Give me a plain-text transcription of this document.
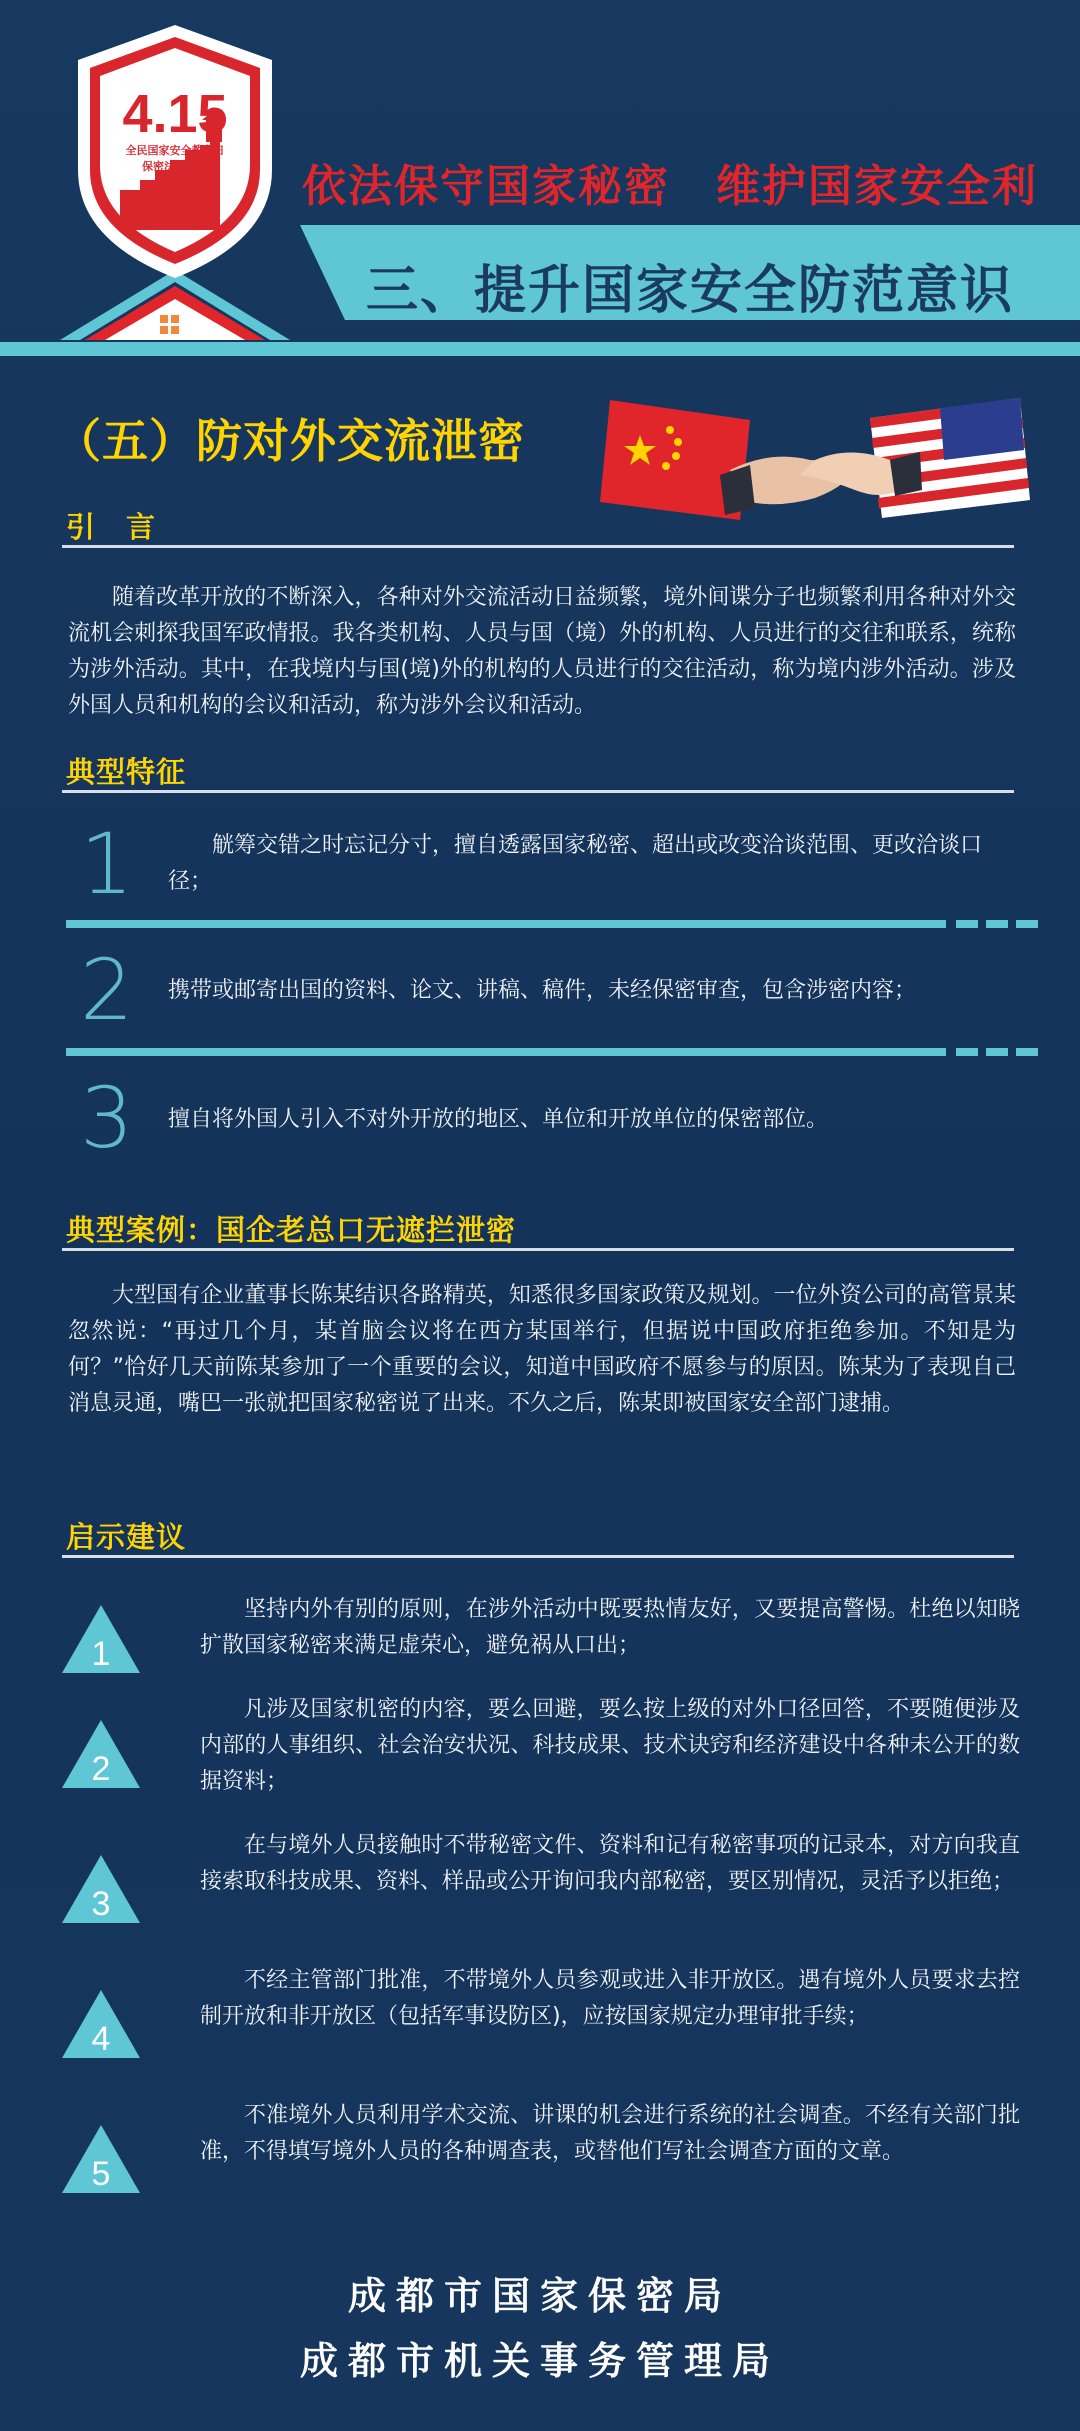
4.15
全民国家安全教育日
保密法治宣传 依法保守国家秘密　维护国家安全利
三、提升国家安全防范意识
（五）防对外交流泄密
引　言
随着改革开放的不断深入，各种对外交流活动日益频繁，境外间谍分子也频繁利用各种对外交流机会刺探我国军政情报。我各类机构、人员与国（境）外的机构、人员进行的交往和联系，统称为涉外活动。其中，在我境内与国(境)外的机构的人员进行的交往活动，称为境内涉外活动。涉及外国人员和机构的会议和活动，称为涉外会议和活动。
典型特征
1	觥筹交错之时忘记分寸，擅自透露国家秘密、超出或改变洽谈范围、更改洽谈口径；
2 携带或邮寄出国的资料、论文、讲稿、稿件，未经保密审查，包含涉密内容；
3 擅自将外国人引入不对外开放的地区、单位和开放单位的保密部位。
典型案例：国企老总口无遮拦泄密
大型国有企业董事长陈某结识各路精英，知悉很多国家政策及规划。一位外资公司的高管景某忽然说：“再过几个月，某首脑会议将在西方某国举行，但据说中国政府拒绝参加。不知是为何？”恰好几天前陈某参加了一个重要的会议，知道中国政府不愿参与的原因。陈某为了表现自己消息灵通，嘴巴一张就把国家秘密说了出来。不久之后，陈某即被国家安全部门逮捕。
启示建议
1
坚持内外有别的原则，在涉外活动中既要热情友好，又要提高警惕。杜绝以知晓扩散国家秘密来满足虚荣心，避免祸从口出；
2
凡涉及国家机密的内容，要么回避，要么按上级的对外口径回答，不要随便涉及内部的人事组织、社会治安状况、科技成果、技术诀窍和经济建设中各种未公开的数据资料；
3
在与境外人员接触时不带秘密文件、资料和记有秘密事项的记录本，对方向我直接索取科技成果、资料、样品或公开询问我内部秘密，要区别情况，灵活予以拒绝；
4
不经主管部门批准，不带境外人员参观或进入非开放区。遇有境外人员要求去控制开放和非开放区（包括军事设防区)，应按国家规定办理审批手续；
5
不准境外人员利用学术交流、讲课的机会进行系统的社会调查。不经有关部门批准，不得填写境外人员的各种调查表，或替他们写社会调查方面的文章。
成都市国家保密局
成都市机关事务管理局
